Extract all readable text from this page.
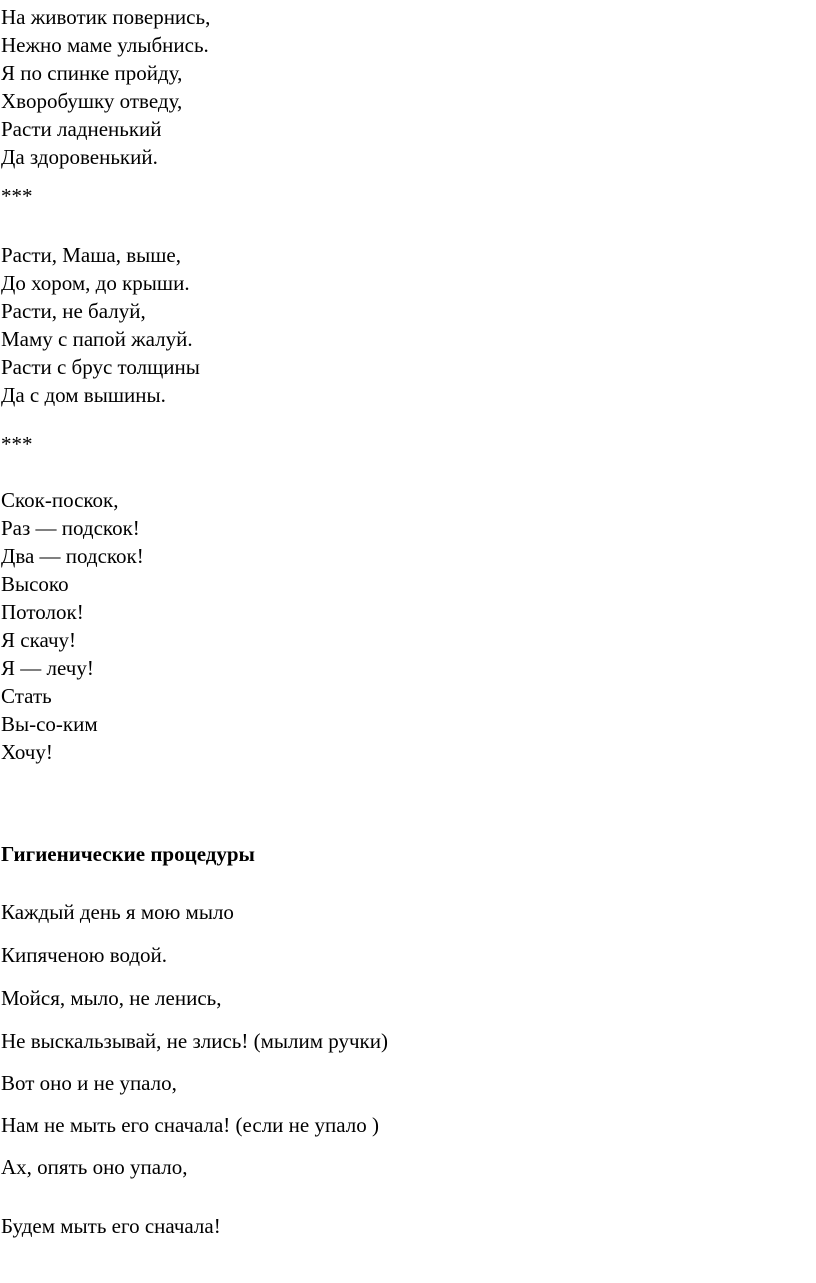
На животик повернись,
Нежно маме улыбнись.
Я по спинке пройду,
Хворобушку отведу,
Расти ладненький
Да здоровенький.
***
Расти, Маша, выше,
До хором, до крыши.
Расти, не балуй,
Маму с папой жалуй.
Расти с брус толщины
Да с дом вышины.
***
Скок-поскок,
Раз — подскок!
Два — подскок!
Высоко
Потолок!
Я скачу!
Я — лечу!
Стать
Вы-со-ким
Хочу!
Гигиенические процедуры
Каждый день я мою мыло
Кипяченою водой.
Мойся, мыло, не ленись,
Не выскальзывай, не злись! (мылим ручки)
Вот оно и не упало,
Нам не мыть его сначала! (если не упало )
Ах, опять оно упало,
Будем мыть его сначала!
